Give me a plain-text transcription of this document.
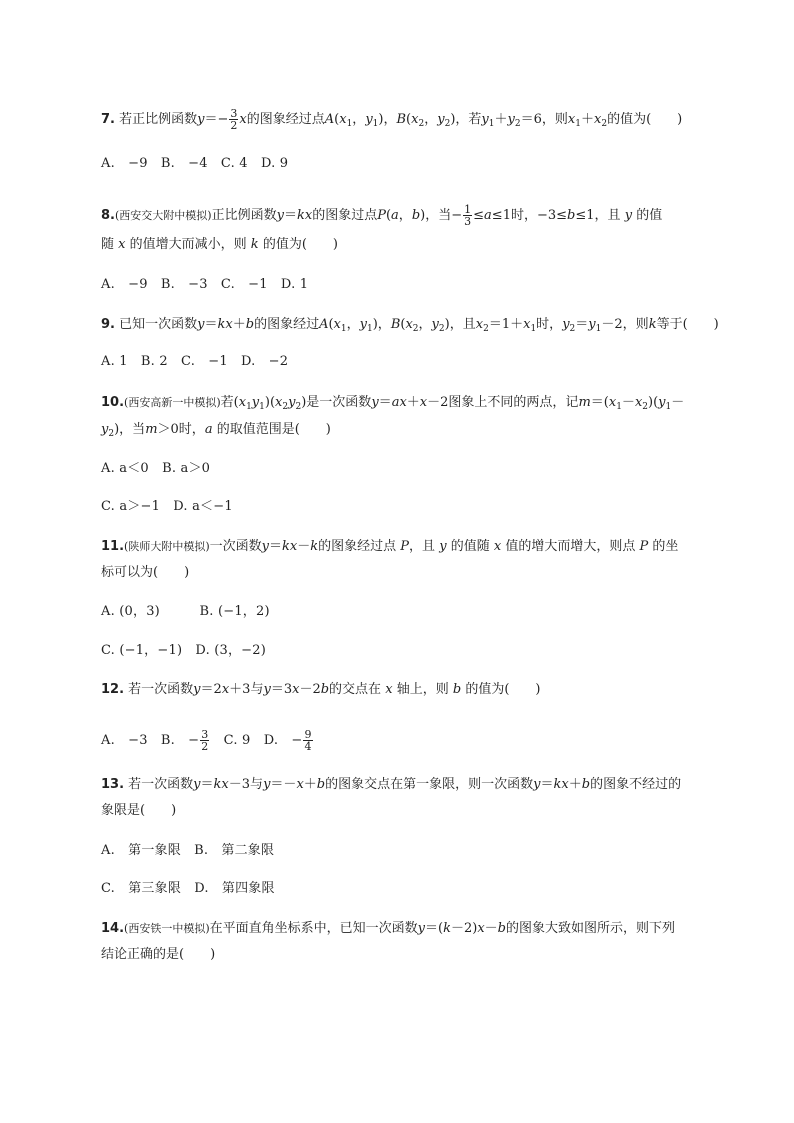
7. 若正比例函数$y=- \frac{3}{2}$ x的图象经过点$A(x_1$，$y_1$)，$B(x_2$，$y_2$)，若$y_1+y_2=6$，则$x_1+x_2$的值为(　　)
A.　−9　B.　−4　C. 4　D. 9
8.(西安交大附中模拟)正比例函数y＝kx的图象过点P(a，b)，当− $\frac{1}{3} \le a\le 1$时，−3≤b≤1，且 y 的值
随 x 的值增大而减小，则 k 的值为(　　)
A.　−9　B.　−3　C.　−1　D. 1
9. 已知一次函数y＝kx＋b的图象经过$A(x_1$，$y_1$)，$B(x_2$，$y_2$)，且$x_2=1+x_1$时，$y_2=y_1-2$，则k等于(　　)
A. 1　B. 2　C.　−1　D.　−2
10.(西安高新一中模拟)若$(x_1y_1)(x_2y_2)$是一次函数y＝ax＋x－2图象上不同的两点，记$m=(x_1-x_2)(y_1-$
$y_2$)，当m＞0时，a 的取值范围是(　　)
A. a＜0　B. a＞0
C. a＞−1　D. a＜−1
11.(陕师大附中模拟)一次函数y＝kx－k的图象经过点 P，且 y 的值随 x 值的增大而增大，则点 P 的坐
标可以为(　　)
A. (0，3)　　　B. (−1，2)
C. (−1，−1)　D. (3，−2)
12. 若一次函数y＝2x＋3与y＝3x－2b的交点在 x 轴上，则 b 的值为(　　)
A.　−3　B.　− $\frac{3}{2}$ 　C. 9　D.　− $\frac{9}{4}$
13. 若一次函数y＝kx－3与y＝－x＋b的图象交点在第一象限，则一次函数y＝kx＋b的图象不经过的
象限是(　　)
A.　第一象限　B.　第二象限
C.　第三象限　D.　第四象限
14.(西安铁一中模拟)在平面直角坐标系中，已知一次函数y＝(k－2)x－b的图象大致如图所示，则下列
结论正确的是(　　)
